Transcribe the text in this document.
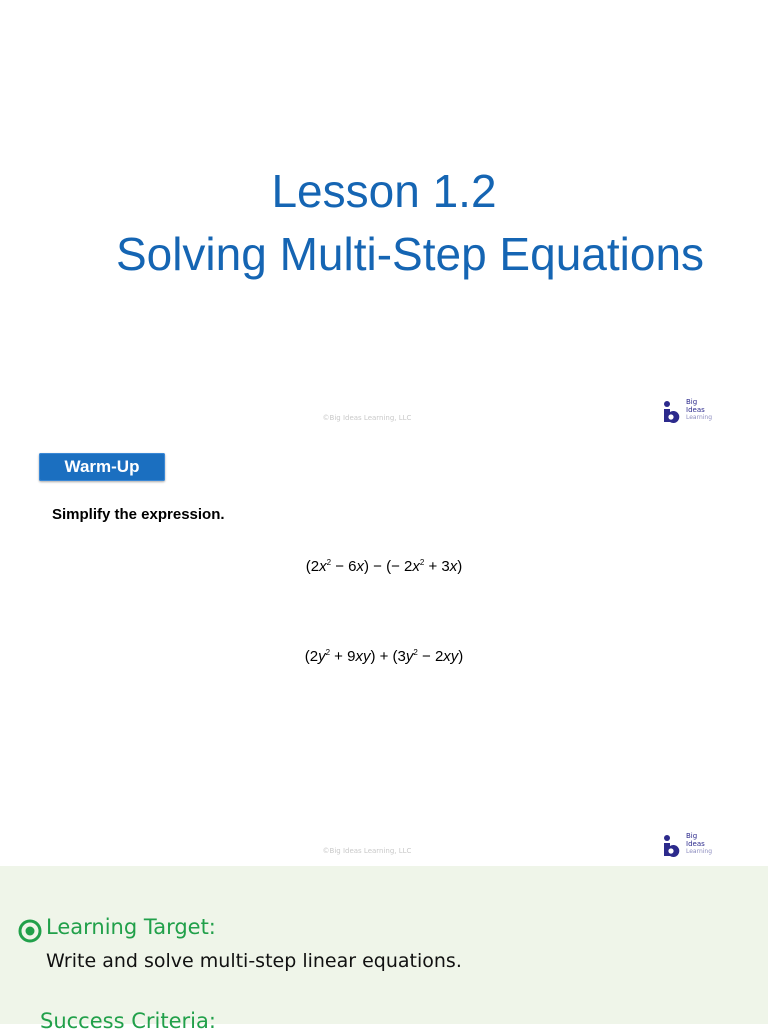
Lesson 1.2
Solving Multi-Step Equations
©Big Ideas Learning, LLC
Big
Ideas
Learning
Warm-Up
Simplify the expression.
$(2x^2 - 6x)$ − (− $2x^2 + 3x$)
$(2y^2 + 9xy) + (3y^2 - 2xy)$
©Big Ideas Learning, LLC
Big
Ideas
Learning
Learning Target:
Write and solve multi-step linear equations.
Success Criteria:
